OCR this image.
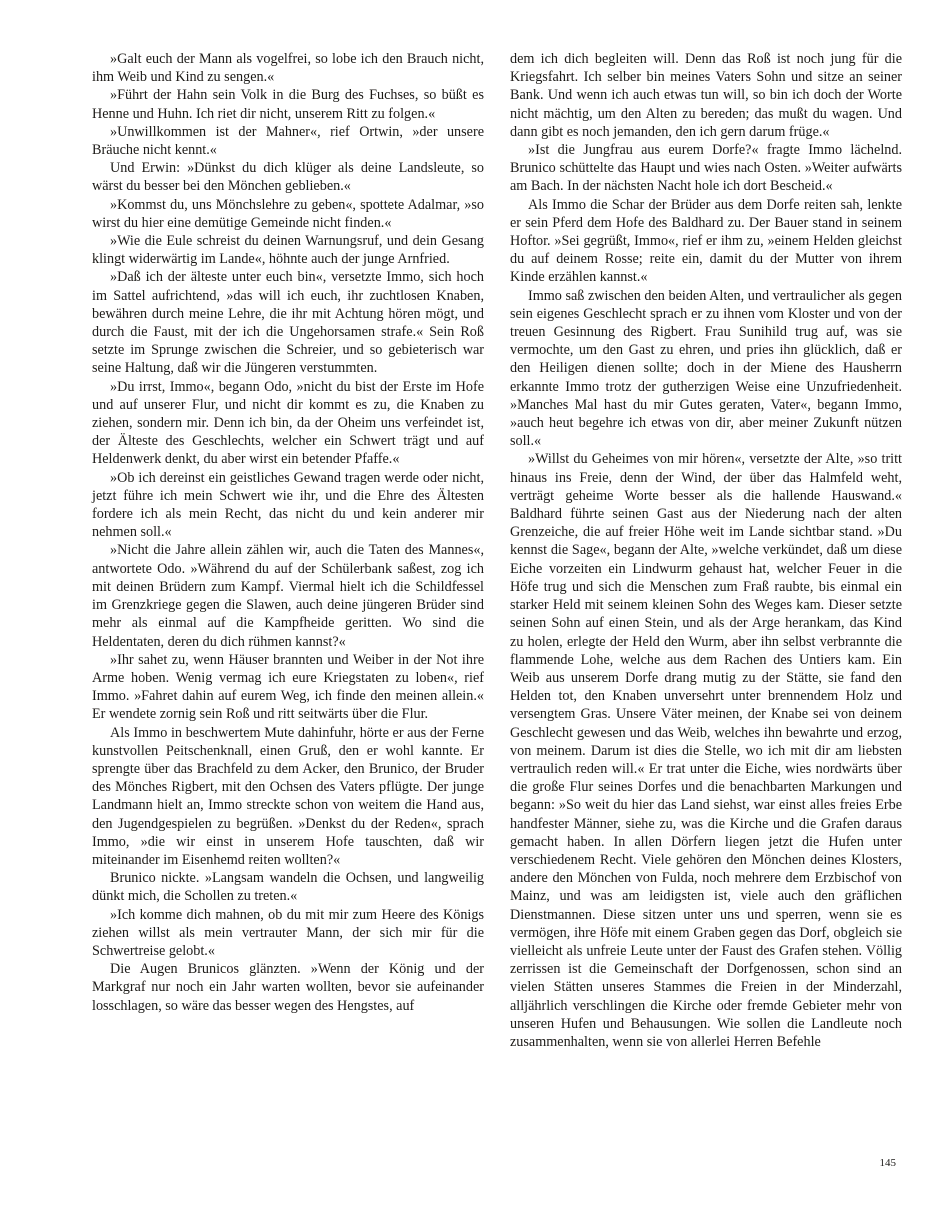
»Galt euch der Mann als vogelfrei, so lobe ich den Brauch nicht, ihm Weib und Kind zu sengen.«

»Führt der Hahn sein Volk in die Burg des Fuchses, so büßt es Henne und Huhn. Ich riet dir nicht, unserem Ritt zu folgen.«

»Unwillkommen ist der Mahner«, rief Ortwin, »der unsere Bräuche nicht kennt.«

Und Erwin: »Dünkst du dich klüger als deine Landsleute, so wärst du besser bei den Mönchen geblieben.«

»Kommst du, uns Mönchslehre zu geben«, spottete Adalmar, »so wirst du hier eine demütige Gemeinde nicht finden.«

»Wie die Eule schreist du deinen Warnungsruf, und dein Gesang klingt widerwärtig im Lande«, höhnte auch der junge Arnfried.

»Daß ich der älteste unter euch bin«, versetzte Immo, sich hoch im Sattel aufrichtend, »das will ich euch, ihr zuchtlosen Knaben, bewähren durch meine Lehre, die ihr mit Achtung hören mögt, und durch die Faust, mit der ich die Ungehorsamen strafe.« Sein Roß setzte im Sprunge zwischen die Schreier, und so gebieterisch war seine Haltung, daß wir die Jüngeren verstummten.

»Du irrst, Immo«, begann Odo, »nicht du bist der Erste im Hofe und auf unserer Flur, und nicht dir kommt es zu, die Knaben zu ziehen, sondern mir. Denn ich bin, da der Oheim uns verfeindet ist, der Älteste des Geschlechts, welcher ein Schwert trägt und auf Heldenwerk denkt, du aber wirst ein betender Pfaffe.«

»Ob ich dereinst ein geistliches Gewand tragen werde oder nicht, jetzt führe ich mein Schwert wie ihr, und die Ehre des Ältesten fordere ich als mein Recht, das nicht du und kein anderer mir nehmen soll.«

»Nicht die Jahre allein zählen wir, auch die Taten des Mannes«, antwortete Odo. »Während du auf der Schülerbank saßest, zog ich mit deinen Brüdern zum Kampf. Viermal hielt ich die Schildfessel im Grenzkriege gegen die Slawen, auch deine jüngeren Brüder sind mehr als einmal auf die Kampfheide geritten. Wo sind die Heldentaten, deren du dich rühmen kannst?«

»Ihr sahet zu, wenn Häuser brannten und Weiber in der Not ihre Arme hoben. Wenig vermag ich eure Kriegstaten zu loben«, rief Immo. »Fahret dahin auf eurem Weg, ich finde den meinen allein.« Er wendete zornig sein Roß und ritt seitwärts über die Flur.

Als Immo in beschwertem Mute dahinfuhr, hörte er aus der Ferne kunstvollen Peitschenknall, einen Gruß, den er wohl kannte. Er sprengte über das Brachfeld zu dem Acker, den Brunico, der Bruder des Mönches Rigbert, mit den Ochsen des Vaters pflügte. Der junge Landmann hielt an, Immo streckte schon von weitem die Hand aus, den Jugendgespielen zu begrüßen. »Denkst du der Reden«, sprach Immo, »die wir einst in unserem Hofe tauschten, daß wir miteinander im Eisenhemd reiten wollten?«

Brunico nickte. »Langsam wandeln die Ochsen, und langweilig dünkt mich, die Schollen zu treten.«

»Ich komme dich mahnen, ob du mit mir zum Heere des Königs ziehen willst als mein vertrauter Mann, der sich mir für die Schwertreise gelobt.«

Die Augen Brunicos glänzten. »Wenn der König und der Markgraf nur noch ein Jahr warten wollten, bevor sie aufeinander losschlagen, so wäre das besser wegen des Hengstes, auf

dem ich dich begleiten will. Denn das Roß ist noch jung für die Kriegsfahrt. Ich selber bin meines Vaters Sohn und sitze an seiner Bank. Und wenn ich auch etwas tun will, so bin ich doch der Worte nicht mächtig, um den Alten zu bereden; das mußt du wagen. Und dann gibt es noch jemanden, den ich gern darum früge.«

»Ist die Jungfrau aus eurem Dorfe?« fragte Immo lächelnd. Brunico schüttelte das Haupt und wies nach Osten. »Weiter aufwärts am Bach. In der nächsten Nacht hole ich dort Bescheid.«

Als Immo die Schar der Brüder aus dem Dorfe reiten sah, lenkte er sein Pferd dem Hofe des Baldhard zu. Der Bauer stand in seinem Hoftor. »Sei gegrüßt, Immo«, rief er ihm zu, »einem Helden gleichst du auf deinem Rosse; reite ein, damit du der Mutter von ihrem Kinde erzählen kannst.«

Immo saß zwischen den beiden Alten, und vertraulicher als gegen sein eigenes Geschlecht sprach er zu ihnen vom Kloster und von der treuen Gesinnung des Rigbert. Frau Sunihild trug auf, was sie vermochte, um den Gast zu ehren, und pries ihn glücklich, daß er den Heiligen dienen sollte; doch in der Miene des Hausherrn erkannte Immo trotz der gutherzigen Weise eine Unzufriedenheit. »Manches Mal hast du mir Gutes geraten, Vater«, begann Immo, »auch heut begehre ich etwas von dir, aber meiner Zukunft nützen soll.«

»Willst du Geheimes von mir hören«, versetzte der Alte, »so tritt hinaus ins Freie, denn der Wind, der über das Halmfeld weht, verträgt geheime Worte besser als die hallende Hauswand.« Baldhard führte seinen Gast aus der Niederung nach der alten Grenzeiche, die auf freier Höhe weit im Lande sichtbar stand. »Du kennst die Sage«, begann der Alte, »welche verkündet, daß um diese Eiche vorzeiten ein Lindwurm gehaust hat, welcher Feuer in die Höfe trug und sich die Menschen zum Fraß raubte, bis einmal ein starker Held mit seinem kleinen Sohn des Weges kam. Dieser setzte seinen Sohn auf einen Stein, und als der Arge herankam, das Kind zu holen, erlegte der Held den Wurm, aber ihn selbst verbrannte die flammende Lohe, welche aus dem Rachen des Untiers kam. Ein Weib aus unserem Dorfe drang mutig zu der Stätte, sie fand den Helden tot, den Knaben unversehrt unter brennendem Holz und versengtem Gras. Unsere Väter meinen, der Knabe sei von deinem Geschlecht gewesen und das Weib, welches ihn bewahrte und erzog, von meinem. Darum ist dies die Stelle, wo ich mit dir am liebsten vertraulich reden will.« Er trat unter die Eiche, wies nordwärts über die große Flur seines Dorfes und die benachbarten Markungen und begann: »So weit du hier das Land siehst, war einst alles freies Erbe handfester Männer, siehe zu, was die Kirche und die Grafen daraus gemacht haben. In allen Dörfern liegen jetzt die Hufen unter verschiedenem Recht. Viele gehören den Mönchen deines Klosters, andere den Mönchen von Fulda, noch mehrere dem Erzbischof von Mainz, und was am leidigsten ist, viele auch den gräflichen Dienstmannen. Diese sitzen unter uns und sperren, wenn sie es vermögen, ihre Höfe mit einem Graben gegen das Dorf, obgleich sie vielleicht als unfreie Leute unter der Faust des Grafen stehen. Völlig zerrissen ist die Gemeinschaft der Dorfgenossen, schon sind an vielen Stätten unseres Stammes die Freien in der Minderzahl, alljährlich verschlingen die Kirche oder fremde Gebieter mehr von unseren Hufen und Behausungen. Wie sollen die Landleute noch zusammenhalten, wenn sie von allerlei Herren Befehle

145
